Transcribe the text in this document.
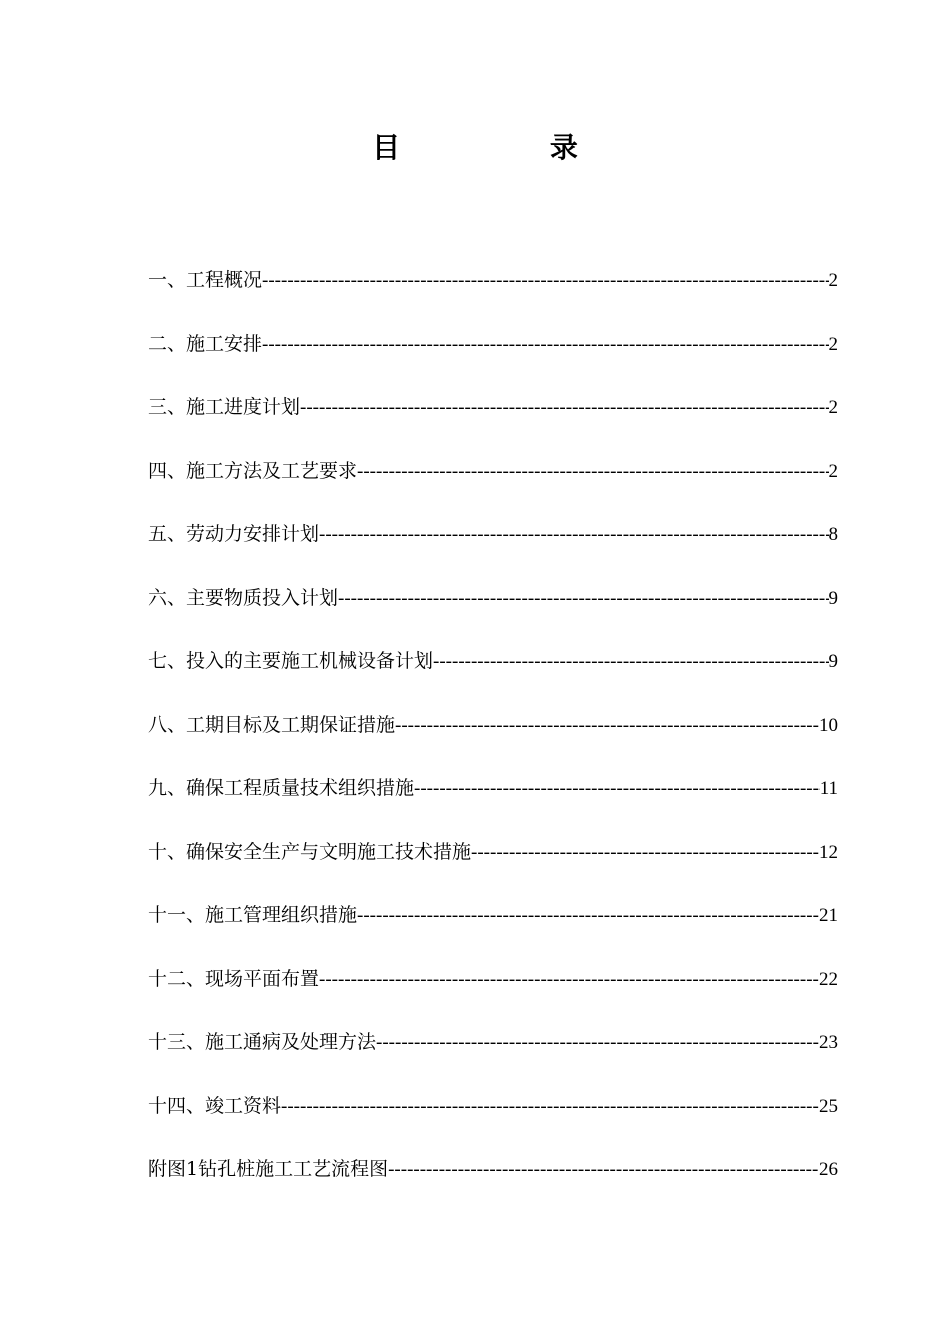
目 录
一、工程概况 -----	2
二、施工安排 -----	2
三、施工进度计划 -----	2
四、施工方法及工艺要求 -----	2
五、劳动力安排计划 -----	8
六、主要物质投入计划 -----	9
七、投入的主要施工机械设备计划 -----	9
八、工期目标及工期保证措施 -----	10
九、确保工程质量技术组织措施 -----	11
十、确保安全生产与文明施工技术措施 -----	12
十一、施工管理组织措施 -----	21
十二、现场平面布置 -----	22
十三、施工通病及处理方法 -----	23
十四、竣工资料 -----	25
附图1钻孔桩施工工艺流程图 -----	26
